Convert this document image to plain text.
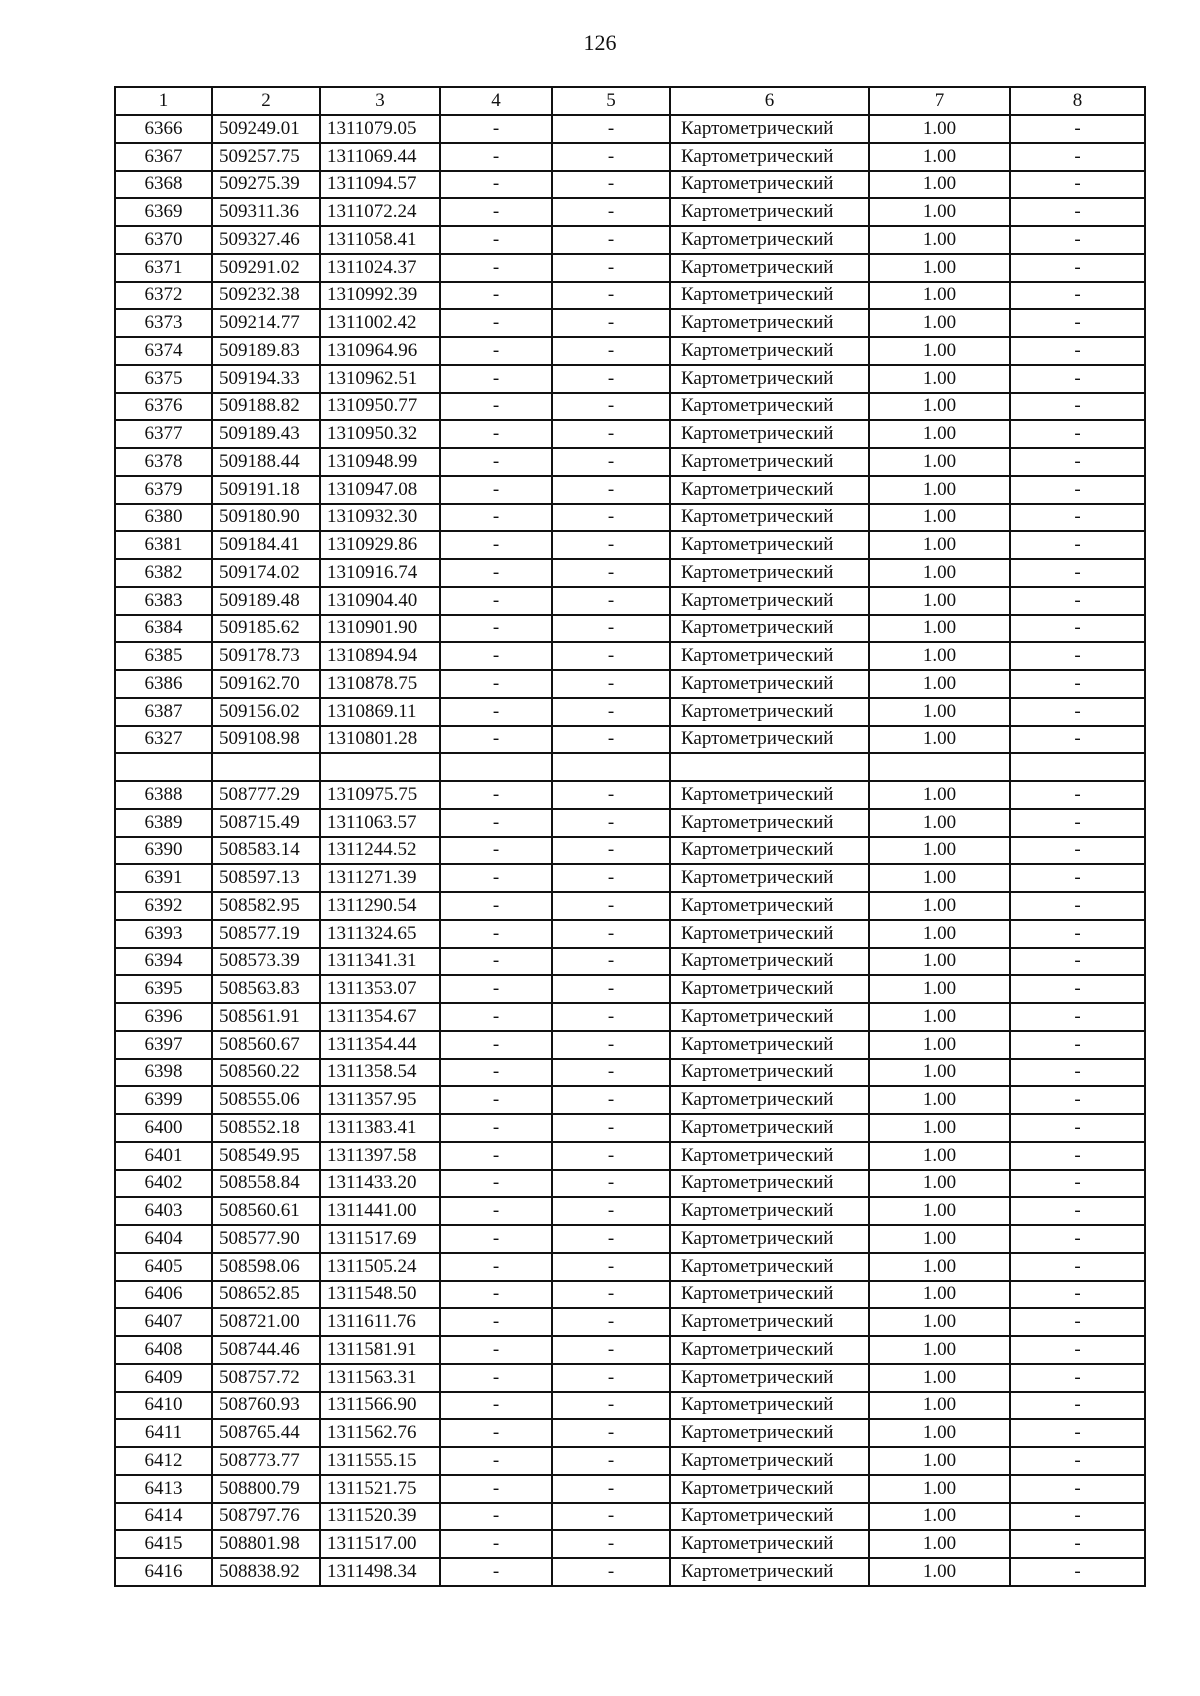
126
1	2	3	4	5	6	7	8
6366	509249.01	1311079.05	-	-	Картометрический	1.00	-
6367	509257.75	1311069.44	-	-	Картометрический	1.00	-
6368	509275.39	1311094.57	-	-	Картометрический	1.00	-
6369	509311.36	1311072.24	-	-	Картометрический	1.00	-
6370	509327.46	1311058.41	-	-	Картометрический	1.00	-
6371	509291.02	1311024.37	-	-	Картометрический	1.00	-
6372	509232.38	1310992.39	-	-	Картометрический	1.00	-
6373	509214.77	1311002.42	-	-	Картометрический	1.00	-
6374	509189.83	1310964.96	-	-	Картометрический	1.00	-
6375	509194.33	1310962.51	-	-	Картометрический	1.00	-
6376	509188.82	1310950.77	-	-	Картометрический	1.00	-
6377	509189.43	1310950.32	-	-	Картометрический	1.00	-
6378	509188.44	1310948.99	-	-	Картометрический	1.00	-
6379	509191.18	1310947.08	-	-	Картометрический	1.00	-
6380	509180.90	1310932.30	-	-	Картометрический	1.00	-
6381	509184.41	1310929.86	-	-	Картометрический	1.00	-
6382	509174.02	1310916.74	-	-	Картометрический	1.00	-
6383	509189.48	1310904.40	-	-	Картометрический	1.00	-
6384	509185.62	1310901.90	-	-	Картометрический	1.00	-
6385	509178.73	1310894.94	-	-	Картометрический	1.00	-
6386	509162.70	1310878.75	-	-	Картометрический	1.00	-
6387	509156.02	1310869.11	-	-	Картометрический	1.00	-
6327	509108.98	1310801.28	-	-	Картометрический	1.00	-

6388	508777.29	1310975.75	-	-	Картометрический	1.00	-
6389	508715.49	1311063.57	-	-	Картометрический	1.00	-
6390	508583.14	1311244.52	-	-	Картометрический	1.00	-
6391	508597.13	1311271.39	-	-	Картометрический	1.00	-
6392	508582.95	1311290.54	-	-	Картометрический	1.00	-
6393	508577.19	1311324.65	-	-	Картометрический	1.00	-
6394	508573.39	1311341.31	-	-	Картометрический	1.00	-
6395	508563.83	1311353.07	-	-	Картометрический	1.00	-
6396	508561.91	1311354.67	-	-	Картометрический	1.00	-
6397	508560.67	1311354.44	-	-	Картометрический	1.00	-
6398	508560.22	1311358.54	-	-	Картометрический	1.00	-
6399	508555.06	1311357.95	-	-	Картометрический	1.00	-
6400	508552.18	1311383.41	-	-	Картометрический	1.00	-
6401	508549.95	1311397.58	-	-	Картометрический	1.00	-
6402	508558.84	1311433.20	-	-	Картометрический	1.00	-
6403	508560.61	1311441.00	-	-	Картометрический	1.00	-
6404	508577.90	1311517.69	-	-	Картометрический	1.00	-
6405	508598.06	1311505.24	-	-	Картометрический	1.00	-
6406	508652.85	1311548.50	-	-	Картометрический	1.00	-
6407	508721.00	1311611.76	-	-	Картометрический	1.00	-
6408	508744.46	1311581.91	-	-	Картометрический	1.00	-
6409	508757.72	1311563.31	-	-	Картометрический	1.00	-
6410	508760.93	1311566.90	-	-	Картометрический	1.00	-
6411	508765.44	1311562.76	-	-	Картометрический	1.00	-
6412	508773.77	1311555.15	-	-	Картометрический	1.00	-
6413	508800.79	1311521.75	-	-	Картометрический	1.00	-
6414	508797.76	1311520.39	-	-	Картометрический	1.00	-
6415	508801.98	1311517.00	-	-	Картометрический	1.00	-
6416	508838.92	1311498.34	-	-	Картометрический	1.00	-
